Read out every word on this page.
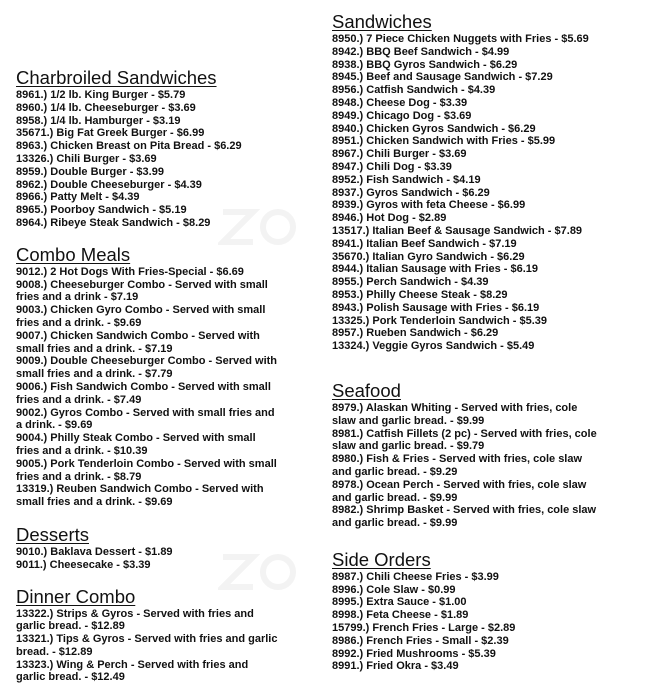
Charbroiled Sandwiches
8961.) 1/2 lb. King Burger - $5.79
8960.) 1/4 lb. Cheeseburger - $3.69
8958.) 1/4 lb. Hamburger - $3.19
35671.) Big Fat Greek Burger - $6.99
8963.) Chicken Breast on Pita Bread - $6.29
13326.) Chili Burger - $3.69
8959.) Double Burger - $3.99
8962.) Double Cheeseburger - $4.39
8966.) Patty Melt - $4.39
8965.) Poorboy Sandwich - $5.19
8964.) Ribeye Steak Sandwich - $8.29
Combo Meals
9012.) 2 Hot Dogs With Fries-Special - $6.69
9008.) Cheeseburger Combo - Served with small fries and a drink - $7.19
9003.) Chicken Gyro Combo - Served with small fries and a drink. - $9.69
9007.) Chicken Sandwich Combo - Served with small fries and a drink. - $7.19
9009.) Double Cheeseburger Combo - Served with small fries and a drink. - $7.79
9006.) Fish Sandwich Combo - Served with small fries and a drink. - $7.49
9002.) Gyros Combo - Served with small fries and a drink. - $9.69
9004.) Philly Steak Combo - Served with small fries and a drink. - $10.39
9005.) Pork Tenderloin Combo - Served with small fries and a drink. - $8.79
13319.) Reuben Sandwich Combo - Served with small fries and a drink. - $9.69
Desserts
9010.) Baklava Dessert - $1.89
9011.) Cheesecake - $3.39
Dinner Combo
13322.) Strips & Gyros - Served with fries and garlic bread. - $12.89
13321.) Tips & Gyros - Served with fries and garlic bread. - $12.89
13323.) Wing & Perch - Served with fries and garlic bread. - $12.49
Sandwiches
8950.) 7 Piece Chicken Nuggets with Fries - $5.69
8942.) BBQ Beef Sandwich - $4.99
8938.) BBQ Gyros Sandwich - $6.29
8945.) Beef and Sausage Sandwich - $7.29
8956.) Catfish Sandwich - $4.39
8948.) Cheese Dog - $3.39
8949.) Chicago Dog - $3.69
8940.) Chicken Gyros Sandwich - $6.29
8951.) Chicken Sandwich with Fries - $5.99
8967.) Chili Burger - $3.69
8947.) Chili Dog - $3.39
8952.) Fish Sandwich - $4.19
8937.) Gyros Sandwich - $6.29
8939.) Gyros with feta Cheese - $6.99
8946.) Hot Dog - $2.89
13517.) Italian Beef & Sausage Sandwich - $7.89
8941.) Italian Beef Sandwich - $7.19
35670.) Italian Gyro Sandwich - $6.29
8944.) Italian Sausage with Fries - $6.19
8955.) Perch Sandwich - $4.39
8953.) Philly Cheese Steak - $8.29
8943.) Polish Sausage with Fries - $6.19
13325.) Pork Tenderloin Sandwich - $5.39
8957.) Rueben Sandwich - $6.29
13324.) Veggie Gyros Sandwich - $5.49
Seafood
8979.) Alaskan Whiting - Served with fries, cole slaw and garlic bread. - $9.99
8981.) Catfish Fillets (2 pc) - Served with fries, cole slaw and garlic bread. - $9.79
8980.) Fish & Fries - Served with fries, cole slaw and garlic bread. - $9.29
8978.) Ocean Perch - Served with fries, cole slaw and garlic bread. - $9.99
8982.) Shrimp Basket - Served with fries, cole slaw and garlic bread. - $9.99
Side Orders
8987.) Chili Cheese Fries - $3.99
8996.) Cole Slaw - $0.99
8995.) Extra Sauce - $1.00
8998.) Feta Cheese - $1.89
15799.) French Fries - Large - $2.89
8986.) French Fries - Small - $2.39
8992.) Fried Mushrooms - $5.39
8991.) Fried Okra - $3.49
